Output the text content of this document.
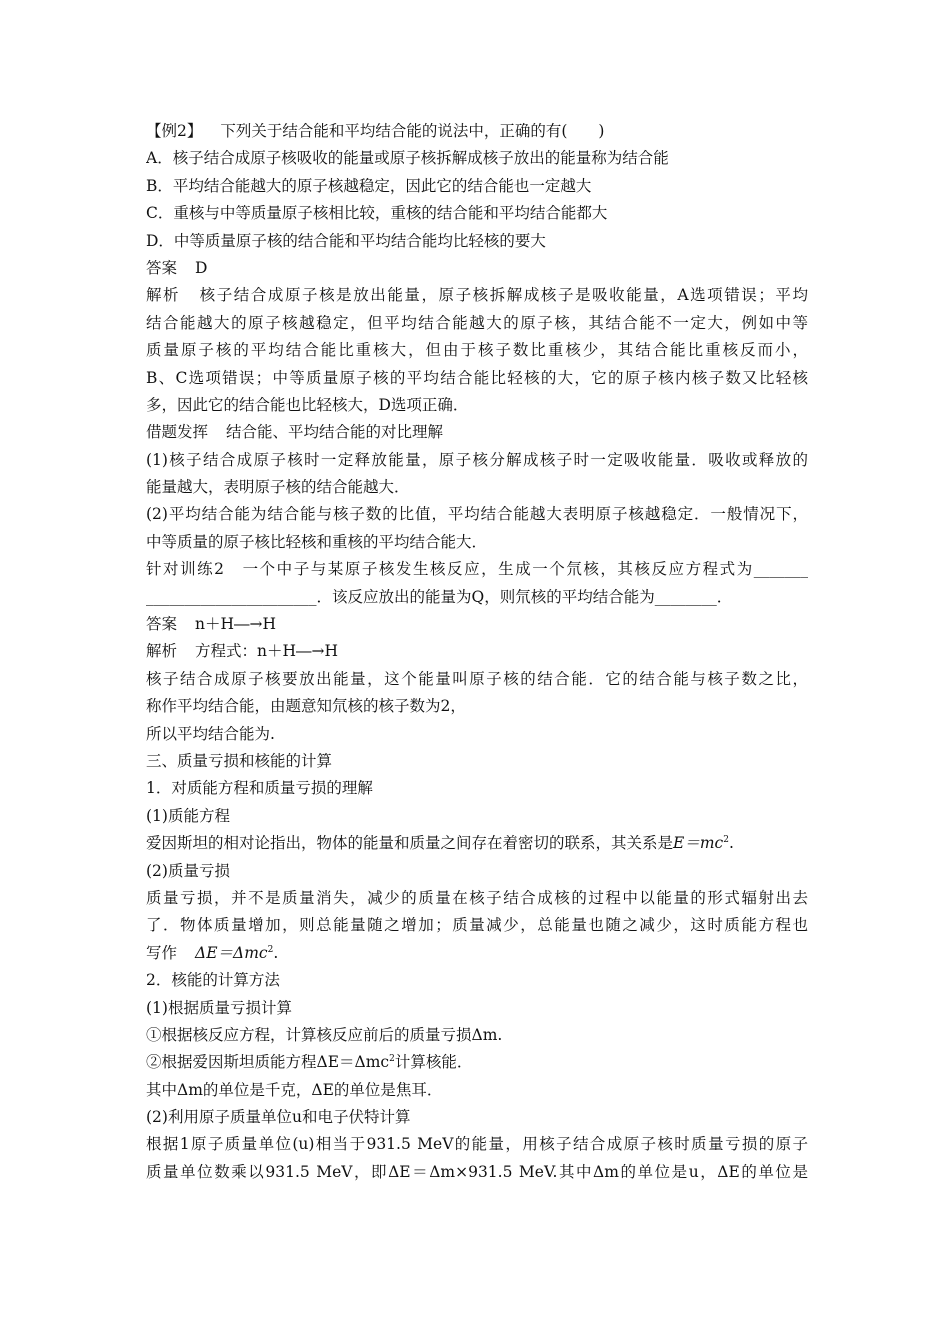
【例2】 下列关于结合能和平均结合能的说法中，正确的有(　　)
A．核子结合成原子核吸收的能量或原子核拆解成核子放出的能量称为结合能
B．平均结合能越大的原子核越稳定，因此它的结合能也一定越大
C．重核与中等质量原子核相比较，重核的结合能和平均结合能都大
D．中等质量原子核的结合能和平均结合能均比轻核的要大
答案 D
解析 核子结合成原子核是放出能量，原子核拆解成核子是吸收能量，A选项错误；平均
结合能越大的原子核越稳定，但平均结合能越大的原子核，其结合能不一定大，例如中等
质量原子核的平均结合能比重核大，但由于核子数比重核少，其结合能比重核反而小，
B、C选项错误；中等质量原子核的平均结合能比轻核的大，它的原子核内核子数又比轻核
多，因此它的结合能也比轻核大，D选项正确．
借题发挥 结合能、平均结合能的对比理解
(1)核子结合成原子核时一定释放能量，原子核分解成核子时一定吸收能量．吸收或释放的
能量越大，表明原子核的结合能越大．
(2)平均结合能为结合能与核子数的比值，平均结合能越大表明原子核越稳定．一般情况下，
中等质量的原子核比轻核和重核的平均结合能大．
针对训练2　一个中子与某原子核发生核反应，生成一个氘核，其核反应方程式为_______
______________________．该反应放出的能量为Q，则氘核的平均结合能为________．
答案 n＋H―→H
解析 方程式：n＋H―→H
核子结合成原子核要放出能量，这个能量叫原子核的结合能．它的结合能与核子数之比，
称作平均结合能，由题意知氘核的核子数为2，
所以平均结合能为.
三、质量亏损和核能的计算
1．对质能方程和质量亏损的理解
(1)质能方程
爱因斯坦的相对论指出，物体的能量和质量之间存在着密切的联系，其关系是$E=mc^2$.
(2)质量亏损
质量亏损，并不是质量消失，减少的质量在核子结合成核的过程中以能量的形式辐射出去
了．物体质量增加，则总能量随之增加；质量减少，总能量也随之减少，这时质能方程也
写作 ΔE＝Δmc$^2$.
2．核能的计算方法
(1)根据质量亏损计算
①根据核反应方程，计算核反应前后的质量亏损Δm.
②根据爱因斯坦质能方程ΔE＝Δmc$^2$计算核能．
其中Δm的单位是千克，ΔE的单位是焦耳．
(2)利用原子质量单位u和电子伏特计算
根据1原子质量单位(u)相当于931.5 MeV的能量，用核子结合成原子核时质量亏损的原子
质量单位数乘以931.5 MeV，即ΔE＝Δm×931.5 MeV.其中Δm的单位是u，ΔE的单位是
